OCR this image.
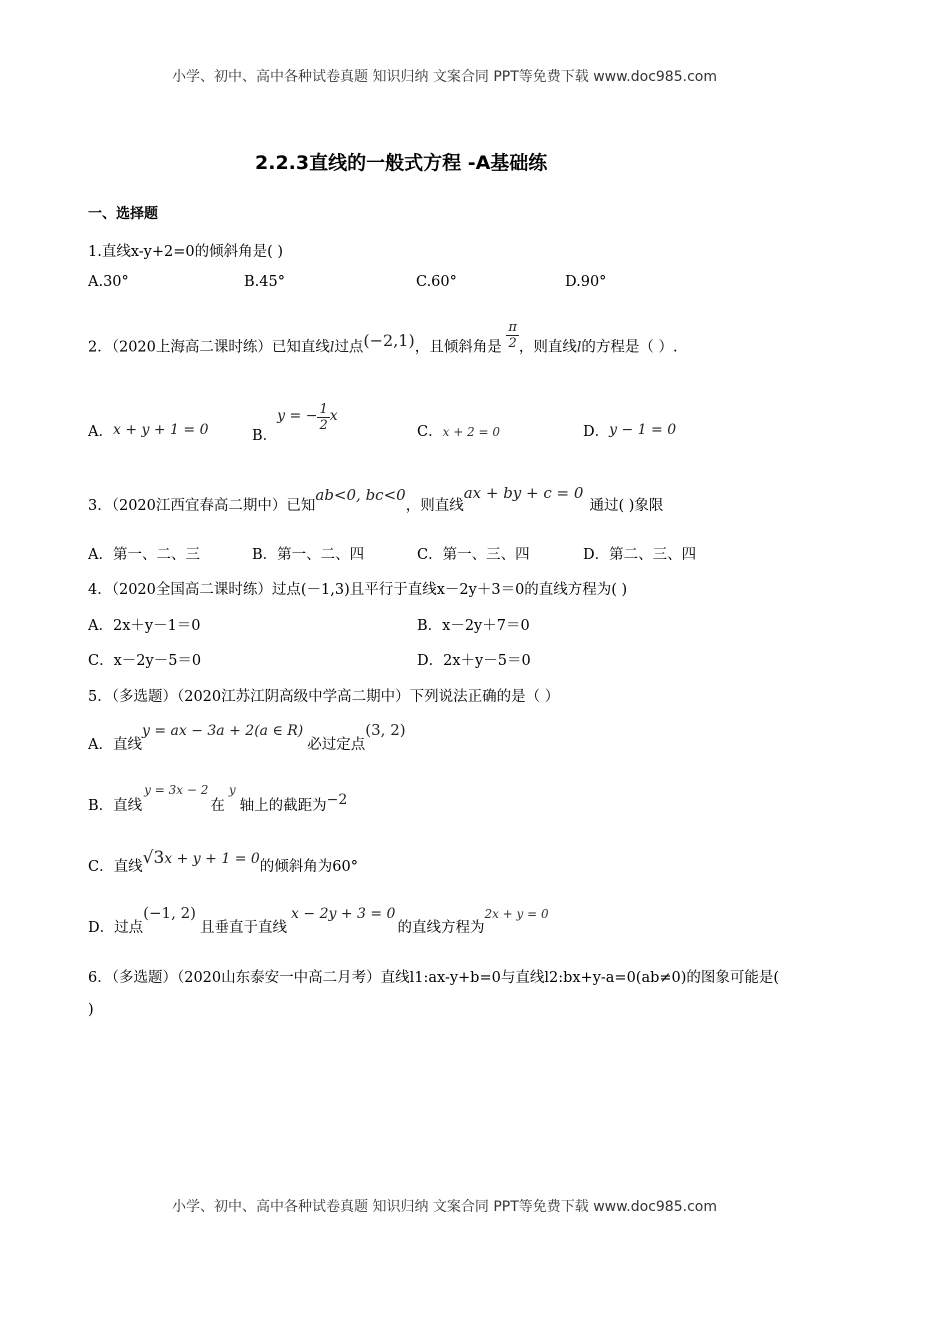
小学、初中、高中各种试卷真题 知识归纳 文案合同 PPT等免费下载 www.doc985.com
2.2.3直线的一般式方程 -A基础练
一、选择题
1.直线x-y+2=0的倾斜角是( )
A.30°	B.45°	C.60°	D.90°
2．（2020上海高二课时练）已知直线l过点(−2,1)，且倾斜角是 $\frac{\pi}{2}$ ，则直线l的方程是（ ）.
A．x + y + 1 = 0	B．y = − $\frac{1}{2}$ x
C．x + 2 = 0	D．y − 1 = 0
3．（2020江西宜春高二期中）已知ab<0, bc<0，则直线ax + by + c = 0通过( )象限
A．第一、二、三	B．第一、二、四	C．第一、三、四	D．第二、三、四
4．（2020全国高二课时练）过点(－1,3)且平行于直线x－2y＋3＝0的直线方程为( )
A．2x＋y－1＝0	B．x－2y＋7＝0
C．x－2y－5＝0	D．2x＋y－5＝0
5．（多选题）（2020江苏江阴高级中学高二期中）下列说法正确的是（ ）
A．直线y = ax − 3a + 2(a ∈ R)必过定点(3, 2)
B．直线$^{y = 3x - 2}$在$^y$轴上的截距为−2
C．直线√3x + y + 1 = 0的倾斜角为60°
D．过点(−1, 2)且垂直于直线x − 2y + 3 = 0的直线方程为$^{2x + y = 0}$
6．（多选题）（2020山东泰安一中高二月考）直线l1:ax-y+b=0与直线l2:bx+y-a=0(ab≠0)的图象可能是(
)
小学、初中、高中各种试卷真题 知识归纳 文案合同 PPT等免费下载 www.doc985.com
